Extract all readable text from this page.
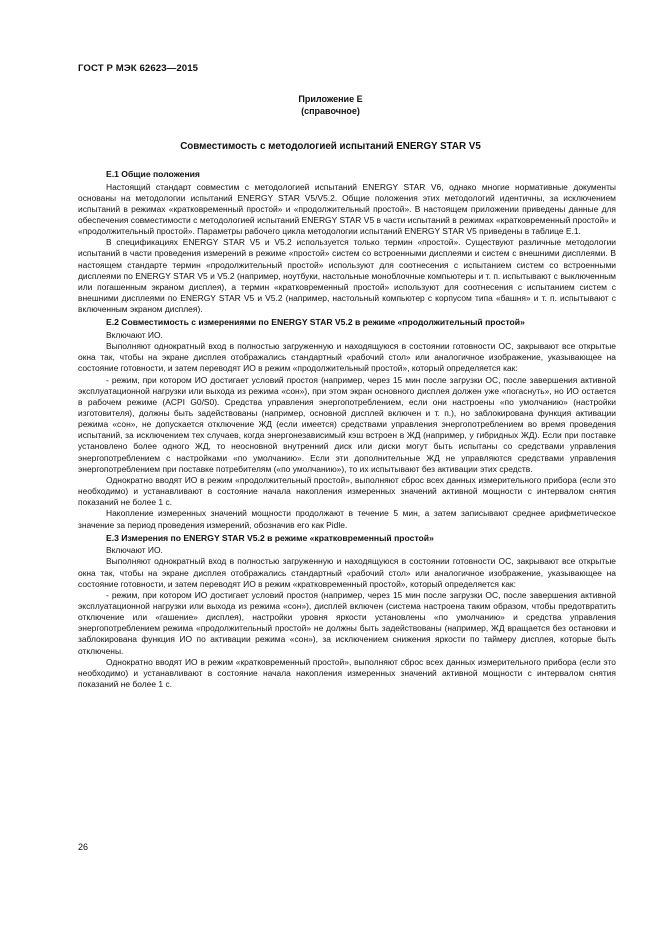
ГОСТ Р МЭК 62623—2015
Приложение Е
(справочное)
Совместимость с методологией испытаний ENERGY STAR V5
Е.1 Общие положения

Настоящий стандарт совместим с методологией испытаний ENERGY STAR V6, однако многие нормативные документы основаны на методологии испытаний ENERGY STAR V5/V5.2. Общие положения этих методологий идентичны, за исключением испытаний в режимах «кратковременный простой» и «продолжительный простой». В настоящем приложении приведены данные для обеспечения совместимости с методологией испытаний ENERGY STAR V5 в части испытаний в режимах «кратковременный простой» и «продолжительный простой». Параметры рабочего цикла методологии испытаний ENERGY STAR V5 приведены в таблице Е.1.

В спецификациях ENERGY STAR V5 и V5.2 используется только термин «простой». Существуют различные методологии испытаний в части проведения измерений в режиме «простой» систем со встроенными дисплеями и систем с внешними дисплеями. В настоящем стандарте термин «продолжительный простой» используют для соотнесения с испытанием систем со встроенными дисплеями по ENERGY STAR V5 и V5.2 (например, ноутбуки, настольные моноблочные компьютеры и т. п. испытывают с выключенным или погашенным экраном дисплея), а термин «кратковременный простой» используют для соотнесения с испытанием систем с внешними дисплеями по ENERGY STAR V5 и V5.2 (например, настольный компьютер с корпусом типа «башня» и т. п. испытывают с включенным экраном дисплея).

Е.2 Совместимость с измерениями по ENERGY STAR V5.2 в режиме «продолжительный простой»

Включают ИО.

Выполняют однократный вход в полностью загруженную и находящуюся в состоянии готовности ОС, закрывают все открытые окна так, чтобы на экране дисплея отображались стандартный «рабочий стол» или аналогичное изображение, указывающее на состояние готовности, и затем переводят ИО в режим «продолжительный простой», который определяется как:

- режим, при котором ИО достигает условий простоя (например, через 15 мин после загрузки ОС, после завершения активной эксплуатационной нагрузки или выхода из режима «сон»), при этом экран основного дисплея должен уже «погаснуть», но ИО остается в рабочем режиме (ACPI G0/S0). Средства управления энергопотреблением, если они настроены «по умолчанию» (настройки изготовителя), должны быть задействованы (например, основной дисплей включен и т. п.), но заблокирована функция активации режима «сон», не допускается отключение ЖД (если имеется) средствами управления энергопотреблением во время проведения испытаний, за исключением тех случаев, когда энергонезависимый кэш встроен в ЖД (например, у гибридных ЖД). Если при поставке установлено более одного ЖД, то неосновной внутренний диск или диски могут быть испытаны со средствами управления энергопотреблением с настройками «по умолчанию». Если эти дополнительные ЖД не управляются средствами управления энергопотреблением при поставке потребителям («по умолчанию»), то их испытывают без активации этих средств.

Однократно вводят ИО в режим «продолжительный простой», выполняют сброс всех данных измерительного прибора (если это необходимо) и устанавливают в состояние начала накопления измеренных значений активной мощности с интервалом снятия показаний не более 1 с.

Накопление измеренных значений мощности продолжают в течение 5 мин, а затем записывают среднее арифметическое значение за период проведения измерений, обозначив его как Pidle.

Е.3 Измерения по ENERGY STAR V5.2 в режиме «кратковременный простой»

Включают ИО.

Выполняют однократный вход в полностью загруженную и находящуюся в состоянии готовности ОС, закрывают все открытые окна так, чтобы на экране дисплея отображались стандартный «рабочий стол» или аналогичное изображение, указывающее на состояние готовности, и затем переводят ИО в режим «кратковременный простой», который определяется как:

- режим, при котором ИО достигает условий простоя (например, через 15 мин после загрузки ОС, после завершения активной эксплуатационной нагрузки или выхода из режима «сон»), дисплей включен (система настроена таким образом, чтобы предотвратить отключение или «гашение» дисплея), настройки уровня яркости установлены «по умолчанию» и средства управления энергопотреблением режима «продолжительный простой» не должны быть задействованы (например, ЖД вращается без остановки и заблокирована функция ИО по активации режима «сон»), за исключением снижения яркости по таймеру дисплея, которые быть отключены.

Однократно вводят ИО в режим «кратковременный простой», выполняют сброс всех данных измерительного прибора (если это необходимо) и устанавливают в состояние начала накопления измеренных значений активной мощности с интервалом снятия показаний не более 1 с.

26
